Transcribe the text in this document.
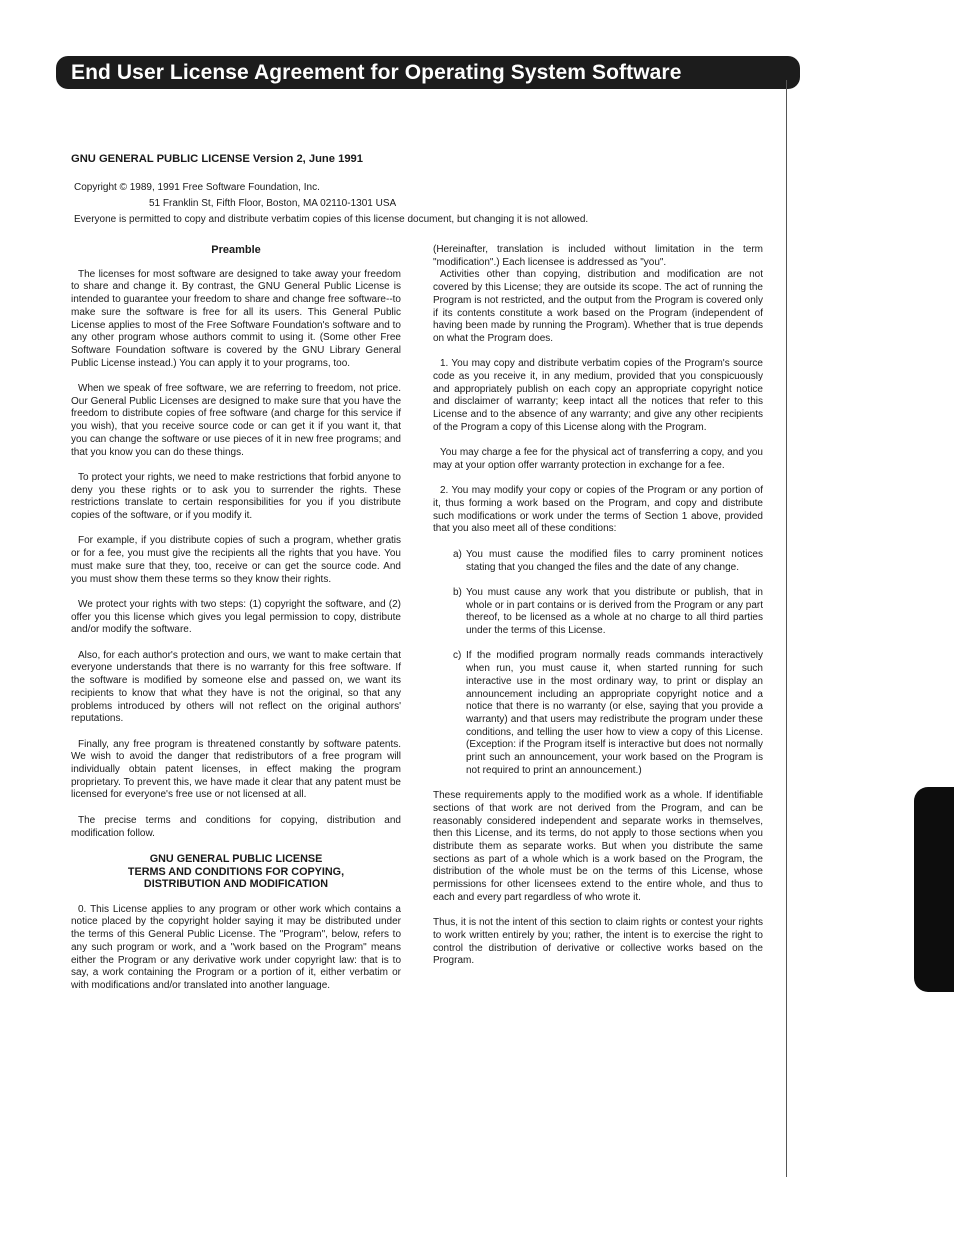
End User License Agreement for Operating System Software
GNU GENERAL PUBLIC LICENSE Version 2, June 1991
Copyright © 1989, 1991 Free Software Foundation, Inc.
51 Franklin St, Fifth Floor, Boston, MA 02110-1301 USA
Everyone is permitted to copy and distribute verbatim copies of this license document, but changing it is not allowed.
Preamble

The licenses for most software are designed to take away your freedom to share and change it. By contrast, the GNU General Public License is intended to guarantee your freedom to share and change free software--to make sure the software is free for all its users. This General Public License applies to most of the Free Software Foundation's software and to any other program whose authors commit to using it. (Some other Free Software Foundation software is covered by the GNU Library General Public License instead.) You can apply it to your programs, too.

When we speak of free software, we are referring to freedom, not price. Our General Public Licenses are designed to make sure that you have the freedom to distribute copies of free software (and charge for this service if you wish), that you receive source code or can get it if you want it, that you can change the software or use pieces of it in new free programs; and that you know you can do these things.

To protect your rights, we need to make restrictions that forbid anyone to deny you these rights or to ask you to surrender the rights. These restrictions translate to certain responsibilities for you if you distribute copies of the software, or if you modify it.

For example, if you distribute copies of such a program, whether gratis or for a fee, you must give the recipients all the rights that you have. You must make sure that they, too, receive or can get the source code. And you must show them these terms so they know their rights.

We protect your rights with two steps: (1) copyright the software, and (2) offer you this license which gives you legal permission to copy, distribute and/or modify the software.

Also, for each author's protection and ours, we want to make certain that everyone understands that there is no warranty for this free software. If the software is modified by someone else and passed on, we want its recipients to know that what they have is not the original, so that any problems introduced by others will not reflect on the original authors' reputations.

Finally, any free program is threatened constantly by software patents. We wish to avoid the danger that redistributors of a free program will individually obtain patent licenses, in effect making the program proprietary. To prevent this, we have made it clear that any patent must be licensed for everyone's free use or not licensed at all.

The precise terms and conditions for copying, distribution and modification follow.

GNU GENERAL PUBLIC LICENSE
TERMS AND CONDITIONS FOR COPYING,
DISTRIBUTION AND MODIFICATION

0. This License applies to any program or other work which contains a notice placed by the copyright holder saying it may be distributed under the terms of this General Public License. The "Program", below, refers to any such program or work, and a "work based on the Program" means either the Program or any derivative work under copyright law: that is to say, a work containing the Program or a portion of it, either verbatim or with modifications and/or translated into another language.

(Hereinafter, translation is included without limitation in the term "modification".) Each licensee is addressed as "you".

Activities other than copying, distribution and modification are not covered by this License; they are outside its scope. The act of running the Program is not restricted, and the output from the Program is covered only if its contents constitute a work based on the Program (independent of having been made by running the Program). Whether that is true depends on what the Program does.

1. You may copy and distribute verbatim copies of the Program's source code as you receive it, in any medium, provided that you conspicuously and appropriately publish on each copy an appropriate copyright notice and disclaimer of warranty; keep intact all the notices that refer to this License and to the absence of any warranty; and give any other recipients of the Program a copy of this License along with the Program.

You may charge a fee for the physical act of transferring a copy, and you may at your option offer warranty protection in exchange for a fee.

2. You may modify your copy or copies of the Program or any portion of it, thus forming a work based on the Program, and copy and distribute such modifications or work under the terms of Section 1 above, provided that you also meet all of these conditions:

a) You must cause the modified files to carry prominent notices stating that you changed the files and the date of any change.
b) You must cause any work that you distribute or publish, that in whole or in part contains or is derived from the Program or any part thereof, to be licensed as a whole at no charge to all third parties under the terms of this License.
c) If the modified program normally reads commands interactively when run, you must cause it, when started running for such interactive use in the most ordinary way, to print or display an announcement including an appropriate copyright notice and a notice that there is no warranty (or else, saying that you provide a warranty) and that users may redistribute the program under these conditions, and telling the user how to view a copy of this License. (Exception: if the Program itself is interactive but does not normally print such an announcement, your work based on the Program is not required to print an announcement.)

These requirements apply to the modified work as a whole. If identifiable sections of that work are not derived from the Program, and can be reasonably considered independent and separate works in themselves, then this License, and its terms, do not apply to those sections when you distribute them as separate works. But when you distribute the same sections as part of a whole which is a work based on the Program, the distribution of the whole must be on the terms of this License, whose permissions for other licensees extend to the entire whole, and thus to each and every part regardless of who wrote it.

Thus, it is not the intent of this section to claim rights or contest your rights to work written entirely by you; rather, the intent is to exercise the right to control the distribution of derivative or collective works based on the Program.
